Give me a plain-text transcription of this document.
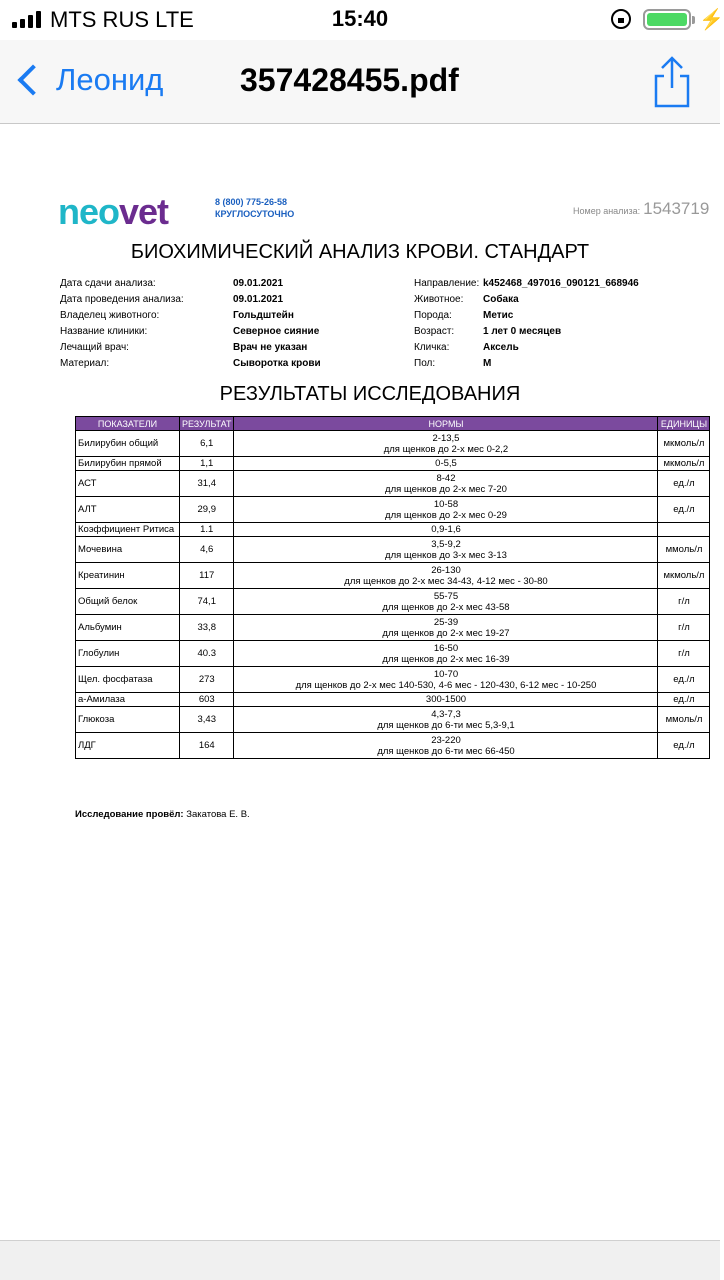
MTS RUS LTE	15:40	⚡
Леонид 357428455.pdf
neovet	8 (800) 775-26-58
КРУГЛОСУТОЧНО	Номер анализа: 1543719
БИОХИМИЧЕСКИЙ АНАЛИЗ КРОВИ. СТАНДАРТ
Дата сдачи анализа:	09.01.2021	Направление: k452468_497016_090121_668946
Дата проведения анализа:	09.01.2021	Животное:	Собака
Владелец животного:	Гольдштейн	Порода:	Метис
Название клиники:	Северное сияние	Возраст:	1 лет 0 месяцев
Лечащий врач:	Врач не указан	Кличка:	Аксель
Материал:	Сыворотка крови	Пол:	М
РЕЗУЛЬТАТЫ ИССЛЕДОВАНИЯ
ПОКАЗАТЕЛИ	РЕЗУЛЬТАТ	НОРМЫ	ЕДИНИЦЫ
Билирубин общий	6,1	2-13,5
для щенков до 2-х мес 0-2,2	мкмоль/л
Билирубин прямой	1,1	0-5,5	мкмоль/л
АСТ	31,4	8-42
для щенков до 2-х мес 7-20	ед./л
АЛТ	29,9	10-58
для щенков до 2-х мес 0-29	ед./л
Коэффициент Ритиса	1.1	0,9-1,6	

Мочевина	4,6	3,5-9,2
для щенков до 3-х мес 3-13	ммоль/л
Креатинин	117	26-130
для щенков до 2-х мес 34-43, 4-12 мес - 30-80	мкмоль/л
Общий белок	74,1	55-75
для щенков до 2-х мес 43-58	г/л
Альбумин	33,8	25-39
для щенков до 2-х мес 19-27	г/л
Глобулин	40.3	16-50
для щенков до 2-х мес 16-39	г/л
Щел. фосфатаза	273	10-70
для щенков до 2-х мес 140-530, 4-6 мес - 120-430, 6-12 мес - 10-250	ед./л
а-Амилаза	603	300-1500	ед./л
Глюкоза	3,43	4,3-7,3
для щенков до 6-ти мес 5,3-9,1	ммоль/л
ЛДГ	164	23-220
для щенков до 6-ти мес 66-450	ед./л
Исследование провёл: Закатова Е. В.
